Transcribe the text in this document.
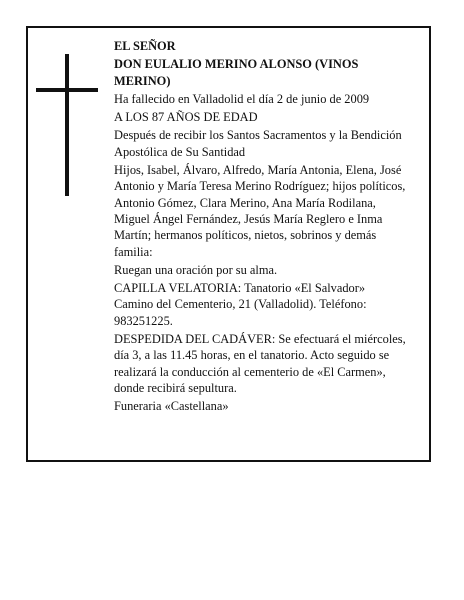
EL SEÑOR

DON EULALIO MERINO ALONSO (VINOS MERINO)

Ha fallecido en Valladolid el día 2 de junio de 2009

A LOS 87 AÑOS DE EDAD

Después de recibir los Santos Sacramentos y la Bendición Apostólica de Su Santidad

Hijos, Isabel, Álvaro, Alfredo, María Antonia, Elena, José Antonio y María Teresa Merino Rodríguez; hijos políticos, Antonio Gómez, Clara Merino, Ana María Rodilana, Miguel Ángel Fernández, Jesús María Reglero e Inma Martín; hermanos políticos, nietos, sobrinos y demás familia:

Ruegan una oración por su alma.

CAPILLA VELATORIA: Tanatorio «El Salvador» Camino del Cementerio, 21 (Valladolid). Teléfono: 983251225.

DESPEDIDA DEL CADÁVER: Se efectuará el miércoles, día 3, a las 11.45 horas, en el tanatorio. Acto seguido se realizará la conducción al cementerio de «El Carmen», donde recibirá sepultura.

Funeraria «Castellana»
